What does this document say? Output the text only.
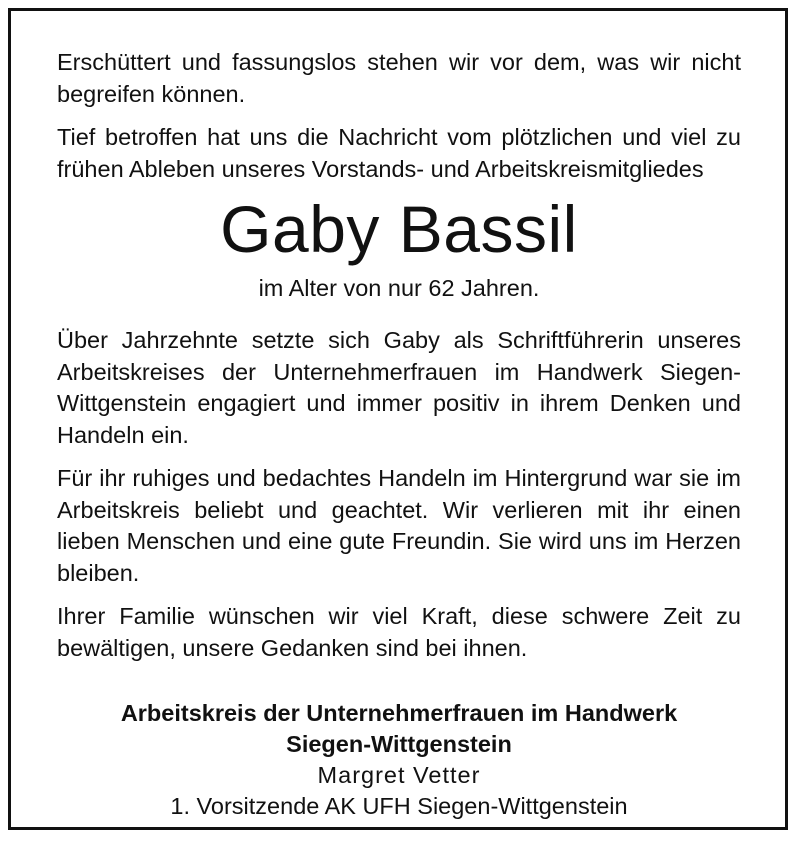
Erschüttert und fassungslos stehen wir vor dem, was wir nicht begreifen können.

Tief betroffen hat uns die Nachricht vom plötzlichen und viel zu frühen Ableben unseres Vorstands- und Arbeitskreismitgliedes

Gaby Bassil

im Alter von nur 62 Jahren.

Über Jahrzehnte setzte sich Gaby als Schriftführerin unseres Arbeitskreises der Unternehmerfrauen im Handwerk Siegen-Wittgenstein engagiert und immer positiv in ihrem Denken und Handeln ein.

Für ihr ruhiges und bedachtes Handeln im Hintergrund war sie im Arbeitskreis beliebt und geachtet. Wir verlieren mit ihr einen lieben Menschen und eine gute Freundin. Sie wird uns im Herzen bleiben.

Ihrer Familie wünschen wir viel Kraft, diese schwere Zeit zu bewältigen, unsere Gedanken sind bei ihnen.

Arbeitskreis der Unternehmerfrauen im Handwerk

Siegen-Wittgenstein

Margret Vetter

1. Vorsitzende AK UFH Siegen-Wittgenstein
